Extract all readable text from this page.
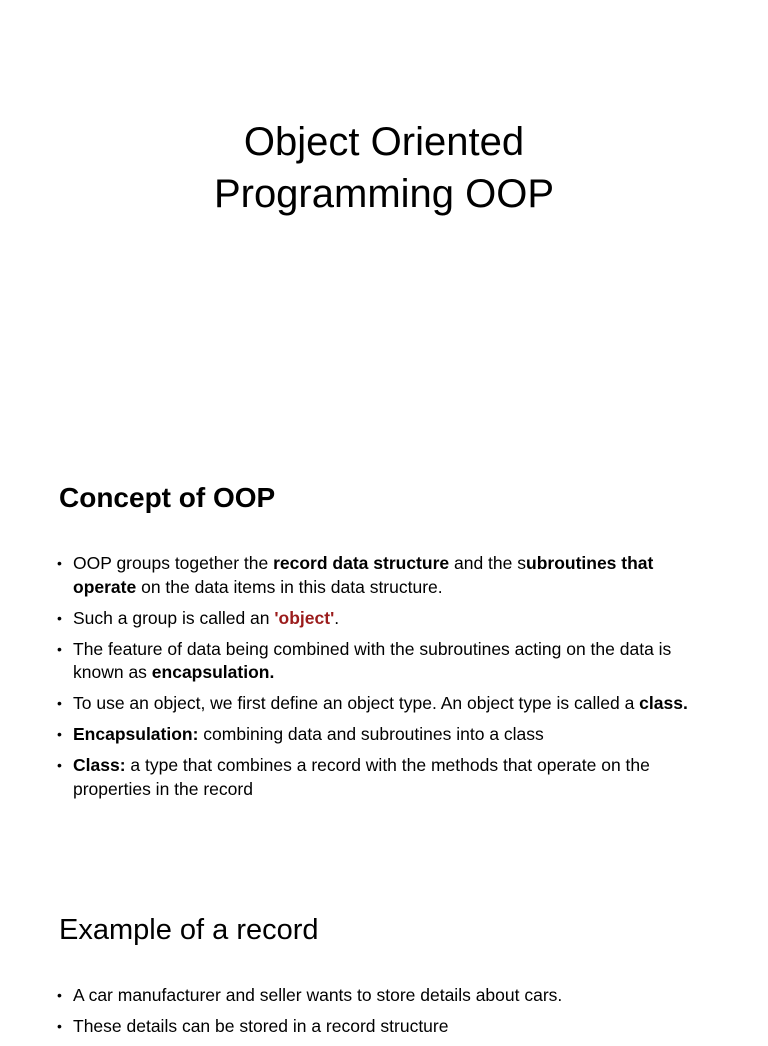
Object Oriented
Programming OOP
Concept of OOP
• OOP groups together the record data structure and the subroutines that operate on the data items in this data structure.
• Such a group is called an 'object'.
• The feature of data being combined with the subroutines acting on the data is known as encapsulation.
• To use an object, we first define an object type. An object type is called a class.
• Encapsulation: combining data and subroutines into a class
• Class: a type that combines a record with the methods that operate on the properties in the record
Example of a record
• A car manufacturer and seller wants to store details about cars.
• These details can be stored in a record structure
